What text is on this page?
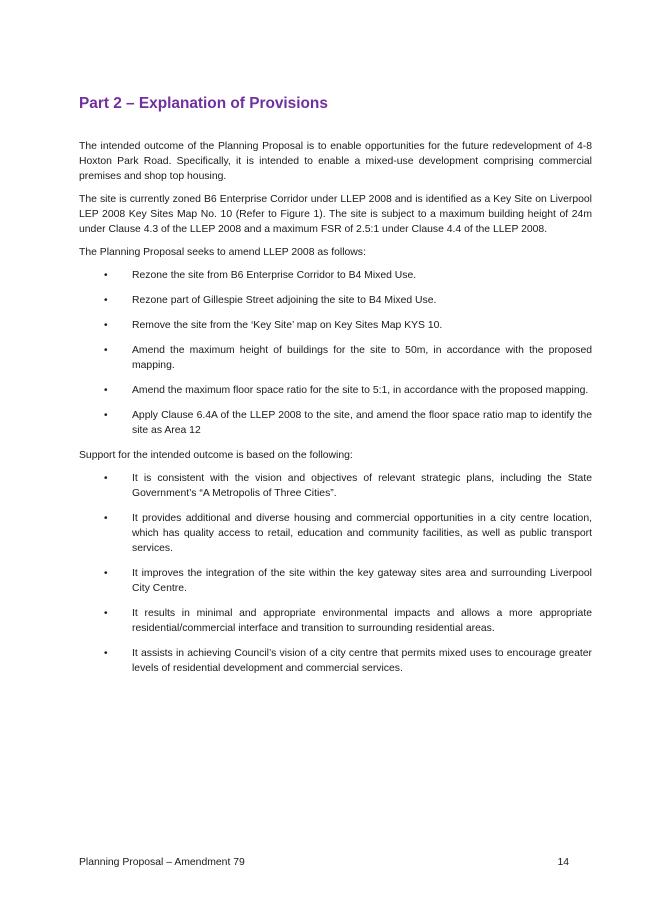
Part 2 – Explanation of Provisions

The intended outcome of the Planning Proposal is to enable opportunities for the future redevelopment of 4-8 Hoxton Park Road. Specifically, it is intended to enable a mixed-use development comprising commercial premises and shop top housing.

The site is currently zoned B6 Enterprise Corridor under LLEP 2008 and is identified as a Key Site on Liverpool LEP 2008 Key Sites Map No. 10 (Refer to Figure 1). The site is subject to a maximum building height of 24m under Clause 4.3 of the LLEP 2008 and a maximum FSR of 2.5:1 under Clause 4.4 of the LLEP 2008.

The Planning Proposal seeks to amend LLEP 2008 as follows:

•	Rezone the site from B6 Enterprise Corridor to B4 Mixed Use.
•	Rezone part of Gillespie Street adjoining the site to B4 Mixed Use.
•	Remove the site from the ‘Key Site’ map on Key Sites Map KYS 10.
•	Amend the maximum height of buildings for the site to 50m, in accordance with the proposed mapping.
•	Amend the maximum floor space ratio for the site to 5:1, in accordance with the proposed mapping.
•	Apply Clause 6.4A of the LLEP 2008 to the site, and amend the floor space ratio map to identify the site as Area 12

Support for the intended outcome is based on the following:

•	It is consistent with the vision and objectives of relevant strategic plans, including the State Government’s “A Metropolis of Three Cities”.
•	It provides additional and diverse housing and commercial opportunities in a city centre location, which has quality access to retail, education and community facilities, as well as public transport services.
•	It improves the integration of the site within the key gateway sites area and surrounding Liverpool City Centre.
•	It results in minimal and appropriate environmental impacts and allows a more appropriate residential/commercial interface and transition to surrounding residential areas.
•	It assists in achieving Council’s vision of a city centre that permits mixed uses to encourage greater levels of residential development and commercial services.
Planning Proposal – Amendment 79	14
